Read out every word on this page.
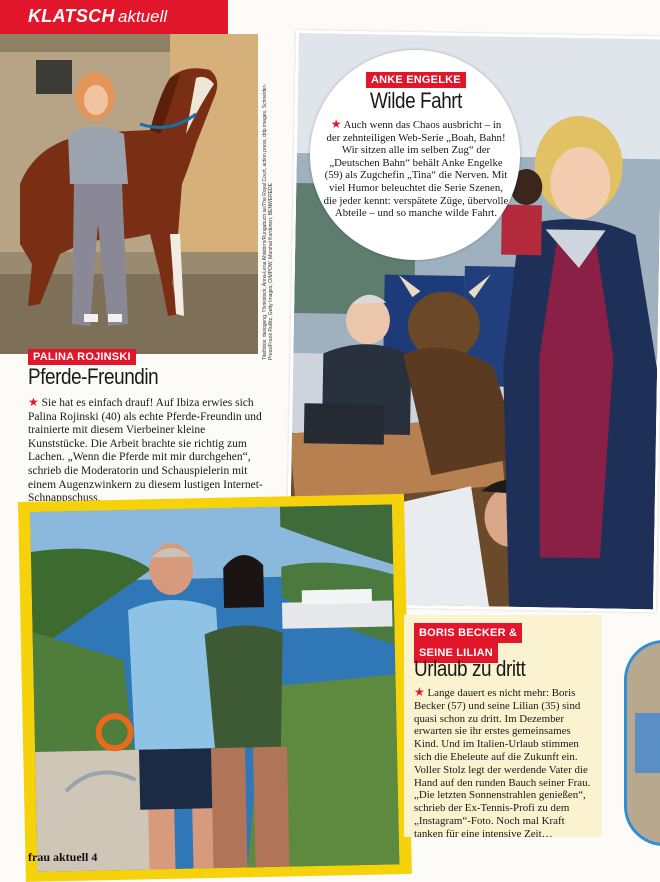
KLATSCH aktuell
Titelfotos: dasogeng. Thinkstock, Anna-Lena Ahlstörm/Rungabuch.se/The Royal Court, action press, ddp images, Schneider-Press/Frank Rollitz, Getty Images, O/MPOW, Marshal Kordonen, BENWEREDE
PALINA ROJINSKI
Pferde-Freundin
★ Sie hat es einfach drauf! Auf Ibiza erwies sich Palina Rojinski (40) als echte Pferde-Freundin und trainierte mit diesem Vierbeiner kleine Kunststücke. Die Arbeit brachte sie richtig zum Lachen. „Wenn die Pferde mit mir durchgehen“, schrieb die Moderatorin und Schauspielerin mit einem Augenzwinkern zu diesem lustigen Internet-Schnappschuss.
ANKE ENGELKE
Wilde Fahrt
★ Auch wenn das Chaos ausbricht – in der zehnteiligen Web-Serie „Boah, Bahn! Wir sitzen alle im selben Zug“ der „Deutschen Bahn“ behält Anke Engelke (59) als Zugchefin „Tina“ die Nerven. Mit viel Humor beleuchtet die Serie Szenen, die jeder kennt: verspätete Züge, übervolle Abteile – und so manche wilde Fahrt.
BORIS BECKER &
SEINE LILIAN
Urlaub zu dritt
★ Lange dauert es nicht mehr: Boris Becker (57) und seine Lilian (35) sind quasi schon zu dritt. Im Dezember erwarten sie ihr erstes gemeinsames Kind. Und im Italien-Urlaub stimmen sich die Eheleute auf die Zukunft ein. Voller Stolz legt der werdende Vater die Hand auf den runden Bauch seiner Frau. „Die letzten Sonnenstrahlen genießen“, schrieb der Ex-Tennis-Profi zu dem „Instagram“-Foto. Noch mal Kraft tanken für eine intensive Zeit…
frau aktuell 4
